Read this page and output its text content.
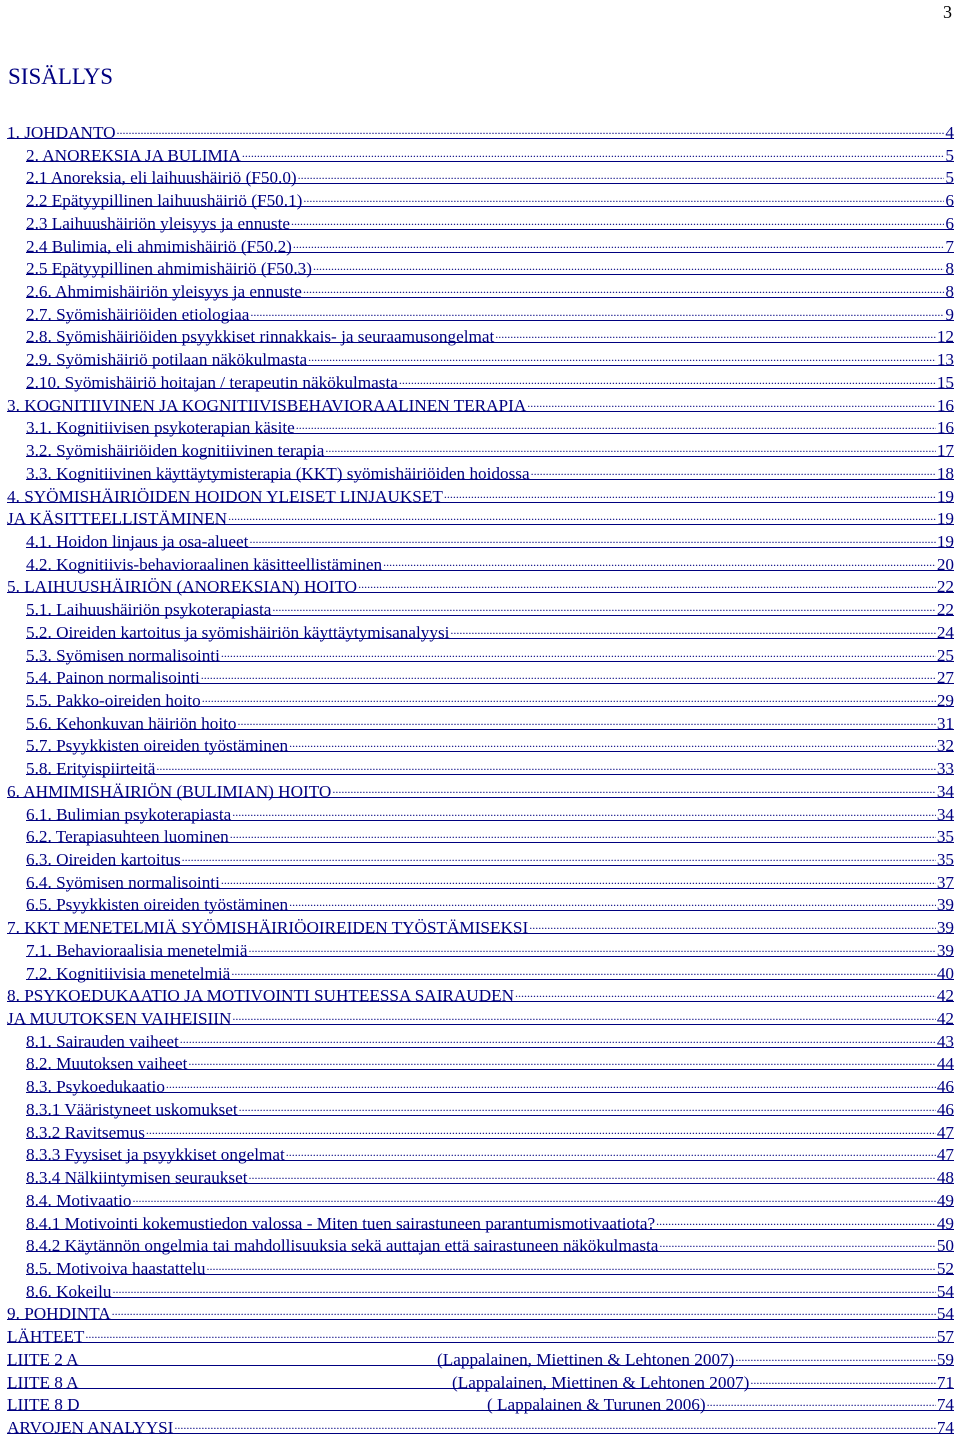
3
SISÄLLYS
1. JOHDANTO .....	4
2. ANOREKSIA JA BULIMIA .....	5
2.1 Anoreksia, eli laihuushäiriö (F50.0) .....	5
2.2 Epätyypillinen laihuushäiriö (F50.1) .....	6
2.3 Laihuushäiriön yleisyys ja ennuste .....	6
2.4 Bulimia, eli ahmimishäiriö (F50.2) .....	7
2.5 Epätyypillinen ahmimishäiriö (F50.3) .....	8
2.6. Ahmimishäiriön yleisyys ja ennuste .....	8
2.7. Syömishäiriöiden etiologiaa .....	9
2.8. Syömishäiriöiden psyykkiset rinnakkais- ja seuraamusongelmat .....	12
2.9. Syömishäiriö potilaan näkökulmasta .....	13
2.10. Syömishäiriö hoitajan / terapeutin näkökulmasta .....	15
3. KOGNITIIVINEN JA KOGNITIIVISBEHAVIORAALINEN TERAPIA .....	16
3.1. Kognitiivisen psykoterapian käsite .....	16
3.2. Syömishäiriöiden kognitiivinen terapia .....	17
3.3. Kognitiivinen käyttäytymisterapia (KKT) syömishäiriöiden hoidossa .....	18
4. SYÖMISHÄIRIÖIDEN HOIDON YLEISET LINJAUKSET .....	19
JA KÄSITTEELLISTÄMINEN .....	19
4.1. Hoidon linjaus ja osa-alueet .....	19
4.2. Kognitiivis-behavioraalinen käsitteellistäminen .....	20
5. LAIHUUSHÄIRIÖN (ANOREKSIAN) HOITO .....	22
5.1. Laihuushäiriön psykoterapiasta .....	22
5.2. Oireiden kartoitus ja syömishäiriön käyttäytymisanalyysi .....	24
5.3. Syömisen normalisointi .....	25
5.4. Painon normalisointi .....	27
5.5. Pakko-oireiden hoito .....	29
5.6. Kehonkuvan häiriön hoito .....	31
5.7. Psyykkisten oireiden työstäminen .....	32
5.8. Erityispiirteitä .....	33
6. AHMIMISHÄIRIÖN (BULIMIAN) HOITO .....	34
6.1. Bulimian psykoterapiasta .....	34
6.2. Terapiasuhteen luominen .....	35
6.3. Oireiden kartoitus .....	35
6.4. Syömisen normalisointi .....	37
6.5. Psyykkisten oireiden työstäminen .....	39
7. KKT MENETELMIÄ SYÖMISHÄIRIÖOIREIDEN TYÖSTÄMISEKSI .....	39
7.1. Behavioraalisia menetelmiä .....	39
7.2. Kognitiivisia menetelmiä .....	40
8. PSYKOEDUKAATIO JA MOTIVOINTI SUHTEESSA SAIRAUDEN .....	42
JA MUUTOKSEN VAIHEISIIN .....	42
8.1. Sairauden vaiheet .....	43
8.2. Muutoksen vaiheet .....	44
8.3. Psykoedukaatio .....	46
8.3.1 Vääristyneet uskomukset .....	46
8.3.2 Ravitsemus .....	47
8.3.3 Fyysiset ja psyykkiset ongelmat .....	47
8.3.4 Nälkiintymisen seuraukset .....	48
8.4. Motivaatio .....	49
8.4.1 Motivointi kokemustiedon valossa - Miten tuen sairastuneen parantumismotivaatiota? .....	49
8.4.2 Käytännön ongelmia tai mahdollisuuksia sekä auttajan että sairastuneen näkökulmasta .....	50
8.5. Motivoiva haastattelu .....	52
8.6. Kokeilu .....	54
9. POHDINTA .....	54
LÄHTEET .....	57
LIITE 2 A	(Lappalainen, Miettinen & Lehtonen 2007) .....	59
LIITE 8 A	(Lappalainen, Miettinen & Lehtonen 2007) .....	71
LIITE 8 D	( Lappalainen & Turunen 2006) .....	74
ARVOJEN ANALYYSI .....	74
